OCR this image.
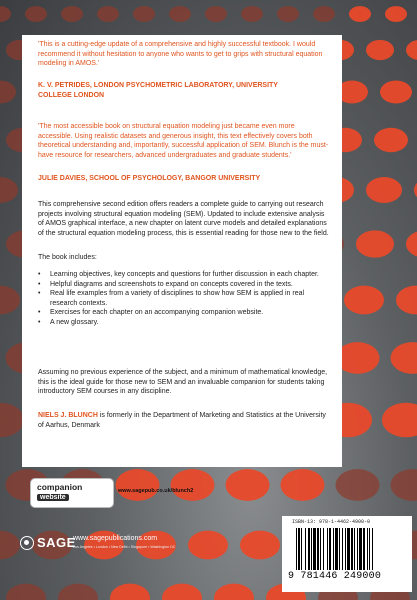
'This is a cutting-edge update of a comprehensive and highly successful textbook. I would recommend it without hesitation to anyone who wants to get to grips with structural equation modeling in AMOS.'

K. V. PETRIDES, LONDON PSYCHOMETRIC LABORATORY, UNIVERSITY

COLLEGE LONDON

'The most accessible book on structural equation modeling just became even more accessible. Using realistic datasets and generous insight, this text effectively covers both theoretical understanding and, importantly, successful application of SEM. Blunch is the must-have resource for researchers, advanced undergraduates and graduate students.'

JULIE DAVIES, SCHOOL OF PSYCHOLOGY, BANGOR UNIVERSITY

This comprehensive second edition offers readers a complete guide to carrying out research projects involving structural equation modeling (SEM). Updated to include extensive analysis of AMOS graphical interface, a new chapter on latent curve models and detailed explanations of the structural equation modeling process, this is essential reading for those new to the field.

The book includes:

• Learning objectives, key concepts and questions for further discussion in each chapter.
• Helpful diagrams and screenshots to expand on concepts covered in the texts.
• Real life examples from a variety of disciplines to show how SEM is applied in real research contexts.
• Exercises for each chapter on an accompanying companion website.
• A new glossary.

Assuming no previous experience of the subject, and a minimum of mathematical knowledge, this is the ideal guide for those new to SEM and an invaluable companion for students taking introductory SEM courses in any discipline.

NIELS J. BLUNCH is formerly in the Department of Marketing and Statistics at the University of Aarhus, Denmark

companion
website
www.sagepub.co.uk/blunch2
SAGE
www.sagepublications.com
Los Angeles • London • New Delhi • Singapore • Washington DC
ISBN-13: 978-1-4462-4900-0
9 781446 249000
